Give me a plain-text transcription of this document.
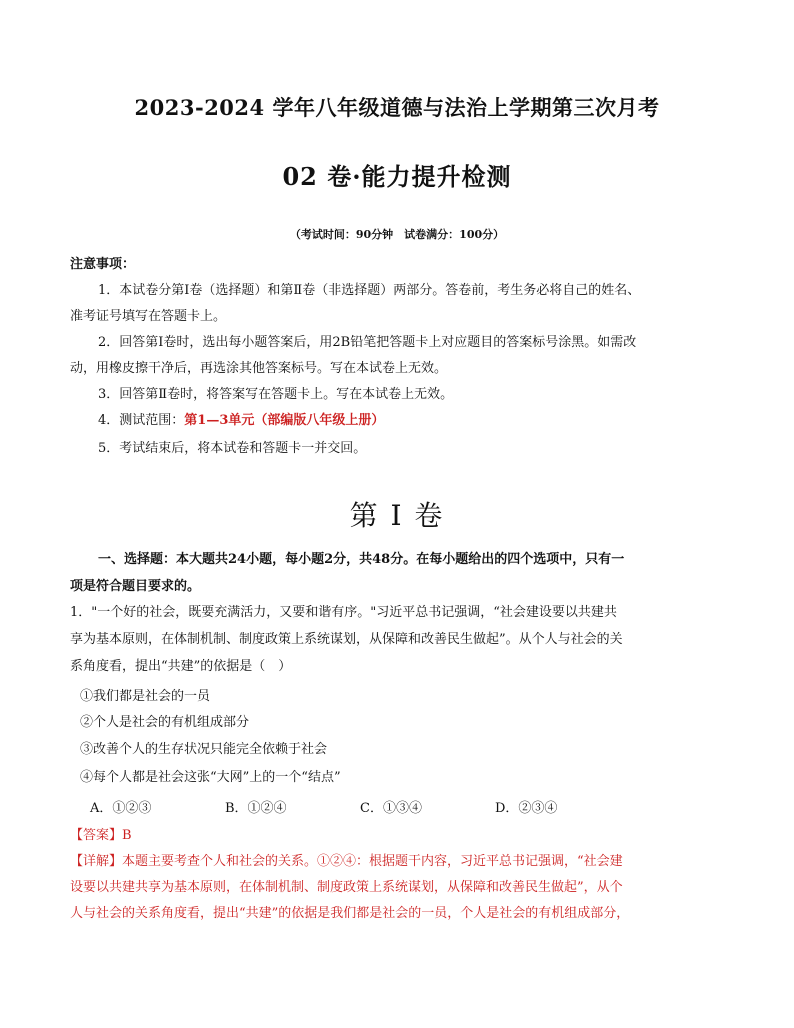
2023-2024 学年八年级道德与法治上学期第三次月考
02 卷·能力提升检测
（考试时间：90分钟　试卷满分：100分）
注意事项：
1．本试卷分第Ⅰ卷（选择题）和第Ⅱ卷（非选择题）两部分。答卷前，考生务必将自己的姓名、
准考证号填写在答题卡上。
2．回答第Ⅰ卷时，选出每小题答案后，用2B铅笔把答题卡上对应题目的答案标号涂黑。如需改
动，用橡皮擦干净后，再选涂其他答案标号。写在本试卷上无效。
3．回答第Ⅱ卷时，将答案写在答题卡上。写在本试卷上无效。
4．测试范围：第1—3单元（部编版八年级上册）
5．考试结束后，将本试卷和答题卡一并交回。
第 I 卷
一、选择题：本大题共24小题，每小题2分，共48分。在每小题给出的四个选项中，只有一
项是符合题目要求的。
1．"一个好的社会，既要充满活力，又要和谐有序。"习近平总书记强调，“社会建设要以共建共
享为基本原则，在体制机制、制度政策上系统谋划，从保障和改善民生做起”。从个人与社会的关
系角度看，提出“共建”的依据是（　）
①我们都是社会的一员
②个人是社会的有机组成部分
③改善个人的生存状况只能完全依赖于社会
④每个人都是社会这张“大网”上的一个“结点”
A．①②③	B．①②④	C．①③④	D．②③④
【答案】B
【详解】本题主要考查个人和社会的关系。①②④：根据题干内容，习近平总书记强调，“社会建
设要以共建共享为基本原则，在体制机制、制度政策上系统谋划，从保障和改善民生做起”，从个
人与社会的关系角度看，提出“共建”的依据是我们都是社会的一员，个人是社会的有机组成部分，
